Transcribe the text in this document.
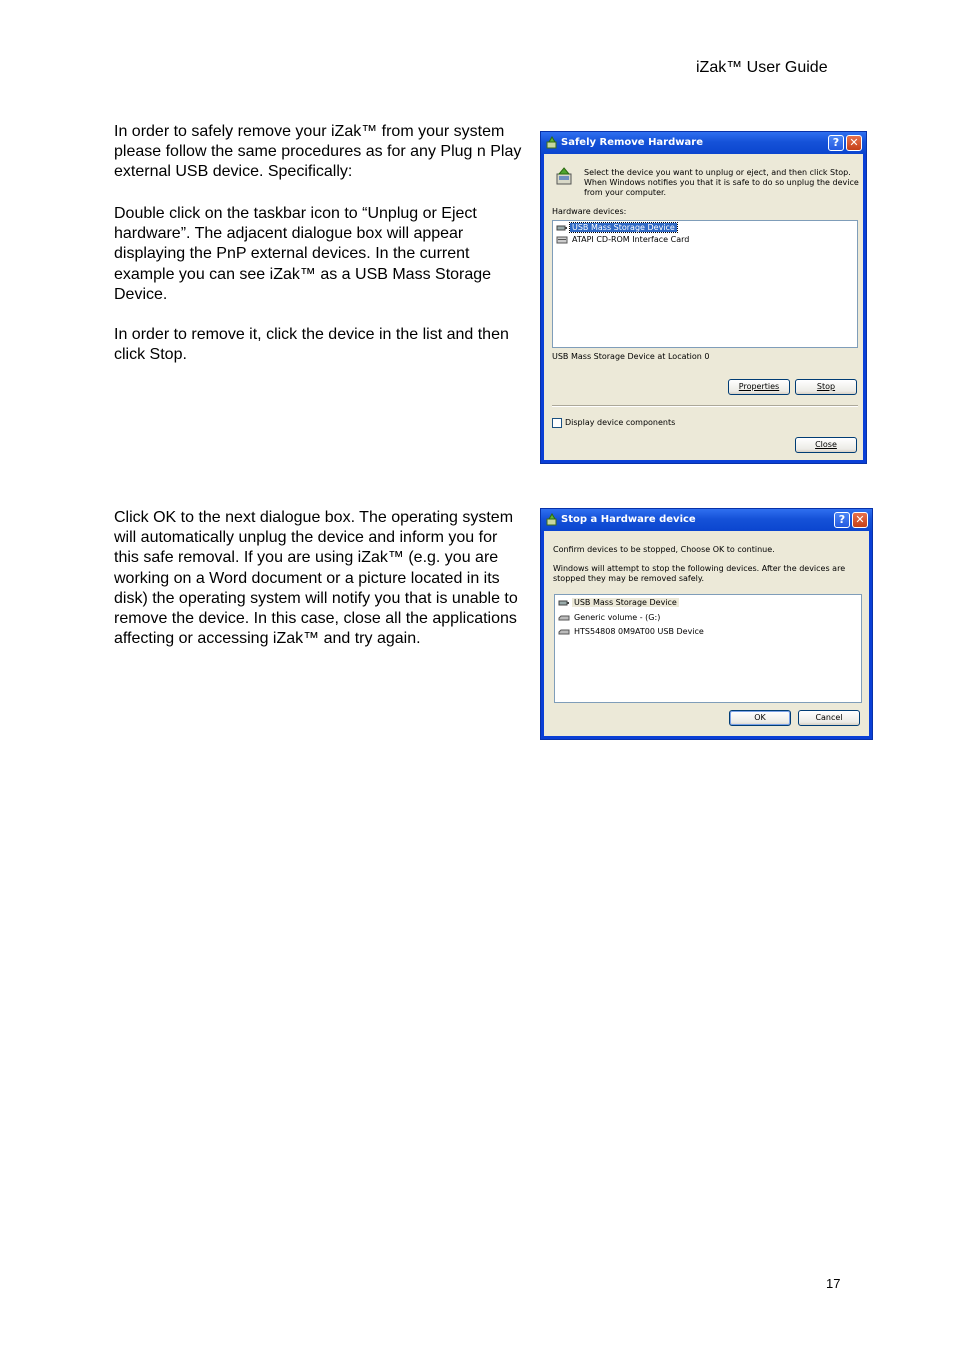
iZak™ User Guide

In order to safely remove your iZak™ from your system please follow the same procedures as for any Plug n Play external USB device. Specifically:

Double click on the taskbar icon to “Unplug or Eject hardware”. The adjacent dialogue box will appear displaying the PnP external devices. In the current example you can see iZak™ as a USB Mass Storage Device.

In order to remove it, click the device in the list and then click Stop.

Click OK to the next dialogue box. The operating system will automatically unplug the device and inform you for this safe removal. If you are using iZak™ (e.g. you are working on a Word document or a picture located in its disk) the operating system will notify you that is unable to remove the device. In this case, close all the applications affecting or accessing iZak™ and try again.

Safely Remove Hardware	? ✕
Select the device you want to unplug or eject, and then click Stop. When Windows notifies you that it is safe to do so unplug the device from your computer.
Hardware devices:
USB Mass Storage Device
ATAPI CD-ROM Interface Card
USB Mass Storage Device at Location 0
Properties	Stop
Display device components
Close
Stop a Hardware device	? ✕
Confirm devices to be stopped, Choose OK to continue.
Windows will attempt to stop the following devices. After the devices are stopped they may be removed safely.
USB Mass Storage Device
Generic volume - (G:)
HTS54808 0M9AT00 USB Device
OK	Cancel
17
